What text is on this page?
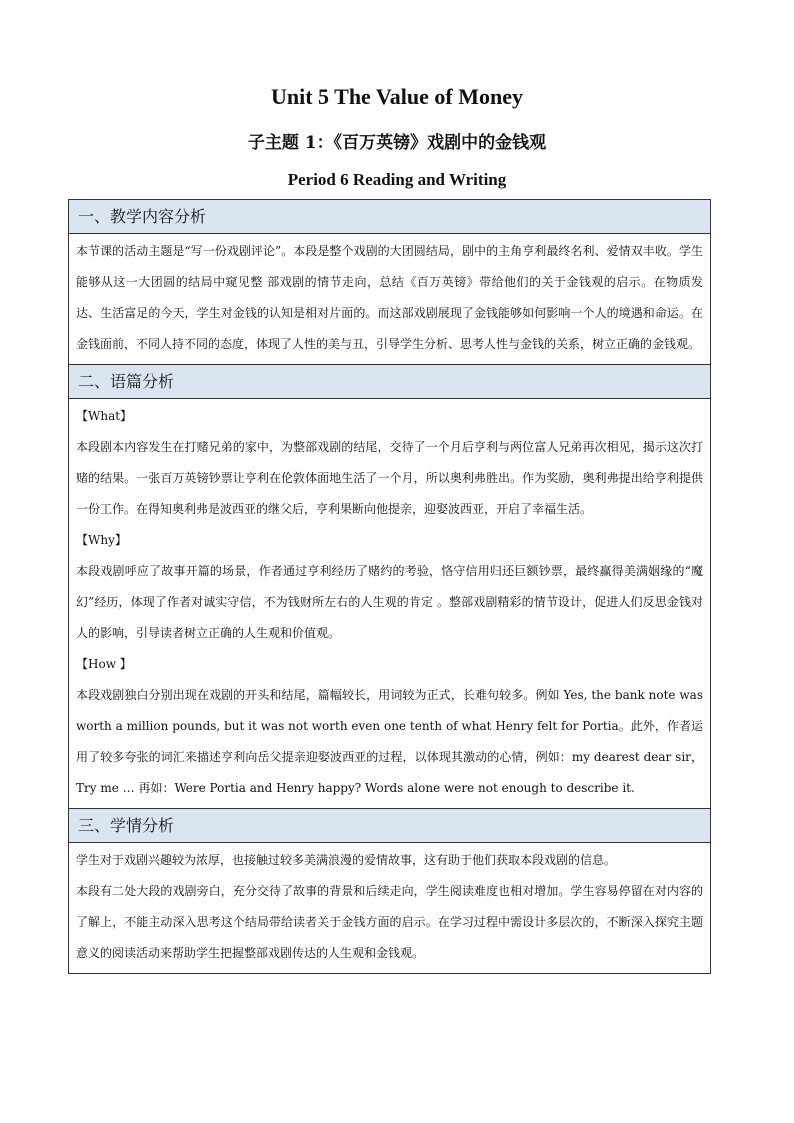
Unit 5 The Value of Money
子主题 1：《百万英镑》戏剧中的金钱观
Period 6 Reading and Writing
一、教学内容分析

本节课的活动主题是“写一份戏剧评论”。本段是整个戏剧的大团圆结局，剧中的主角亨利最终名利、爱情双丰收。学生能够从这一大团圆的结局中窥见整 部戏剧的情节走向，总结《百万英镑》带给他们的关于金钱观的启示。在物质发达、生活富足的今天，学生对金钱的认知是相对片面的。而这部戏剧展现了金钱能够如何影响一个人的境遇和命运。在金钱面前，不同人持不同的态度，体现了人性的美与丑，引导学生分析、思考人性与金钱的关系，树立正确的金钱观。

二、语篇分析

【What】

本段剧本内容发生在打赌兄弟的家中，为整部戏剧的结尾，交待了一个月后亨利与两位富人兄弟再次相见，揭示这次打赌的结果。一张百万英镑钞票让亨利在伦敦体面地生活了一个月，所以奥利弗胜出。作为奖励，奥利弗提出给亨利提供一份工作。在得知奥利弗是波西亚的继父后，亨利果断向他提亲，迎娶波西亚，开启了幸福生活。

【Why】

本段戏剧呼应了故事开篇的场景，作者通过亨利经历了赌约的考验，恪守信用归还巨额钞票，最终赢得美满姻缘的“魔幻”经历，体现了作者对诚实守信，不为钱财所左右的人生观的肯定 。整部戏剧精彩的情节设计，促进人们反思金钱对人的影响，引导读者树立正确的人生观和价值观。

【How 】

本段戏剧独白分别出现在戏剧的开头和结尾，篇幅较长，用词较为正式，长难句较多。例如 Yes, the bank note was worth a million pounds, but it was not worth even one tenth of what Henry felt for Portia。此外，作者运用了较多夸张的词汇来描述亨利向岳父提亲迎娶波西亚的过程，以体现其激动的心情，例如：my dearest dear sir，Try me … 再如：Were Portia and Henry happy? Words alone were not enough to describe it.

三、学情分析

学生对于戏剧兴趣较为浓厚，也接触过较多美满浪漫的爱情故事，这有助于他们获取本段戏剧的信息。

本段有二处大段的戏剧旁白，充分交待了故事的背景和后续走向，学生阅读难度也相对增加。学生容易停留在对内容的了解上，不能主动深入思考这个结局带给读者关于金钱方面的启示。在学习过程中需设计多层次的，不断深入探究主题意义的阅读活动来帮助学生把握整部戏剧传达的人生观和金钱观。
